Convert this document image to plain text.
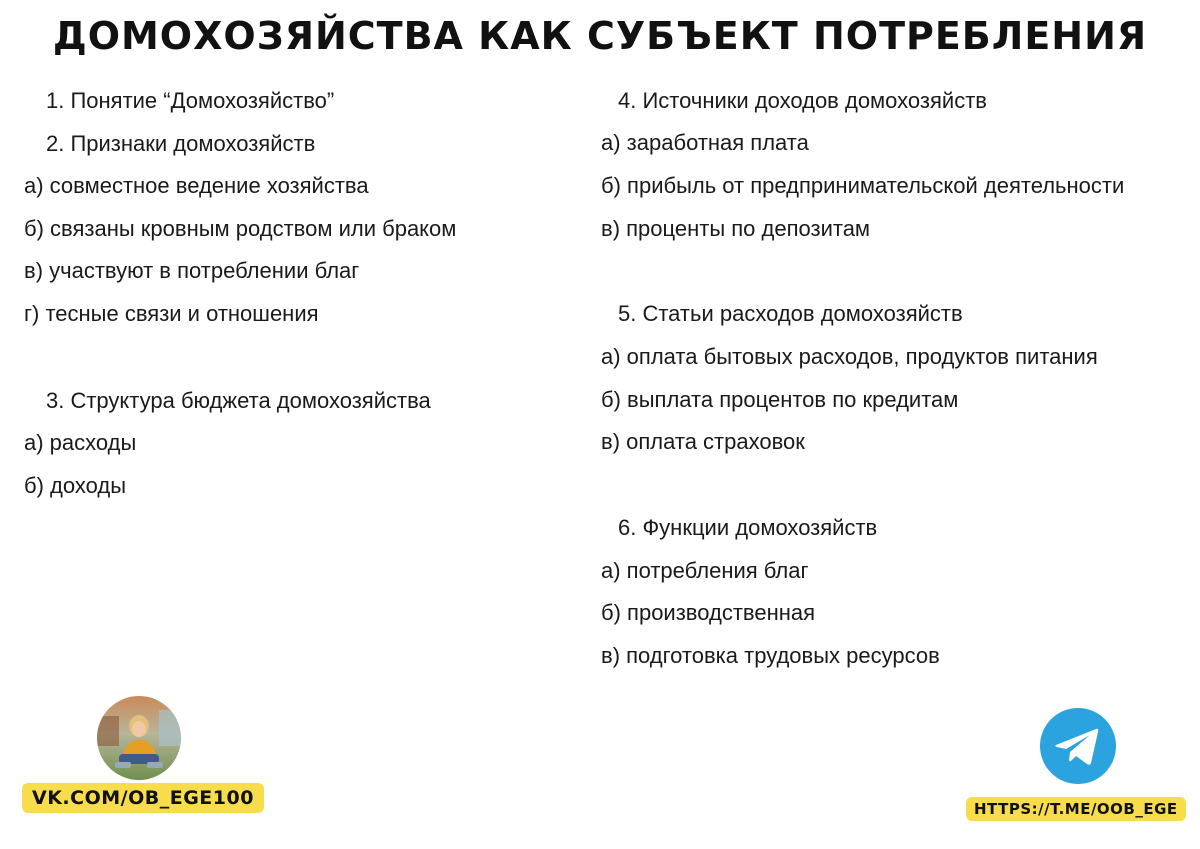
ДОМОХОЗЯЙСТВА КАК СУБЪЕКТ ПОТРЕБЛЕНИЯ
1. Понятие “Домохозяйство”
2. Признаки домохозяйств
а) совместное ведение хозяйства
б) связаны кровным родством или браком
в) участвуют в потреблении благ
г) тесные связи и отношения
3. Структура бюджета домохозяйства
а) расходы
б) доходы
4. Источники доходов домохозяйств
а) заработная плата
б) прибыль от предпринимательской деятельности
в) проценты по депозитам
5. Статьи расходов домохозяйств
а) оплата бытовых расходов, продуктов питания
б) выплата процентов по кредитам
в) оплата страховок
6. Функции домохозяйств
а) потребления благ
б) производственная
в) подготовка трудовых ресурсов
VK.COM/OB_EGE100	HTTPS://T.ME/OOB_EGE
